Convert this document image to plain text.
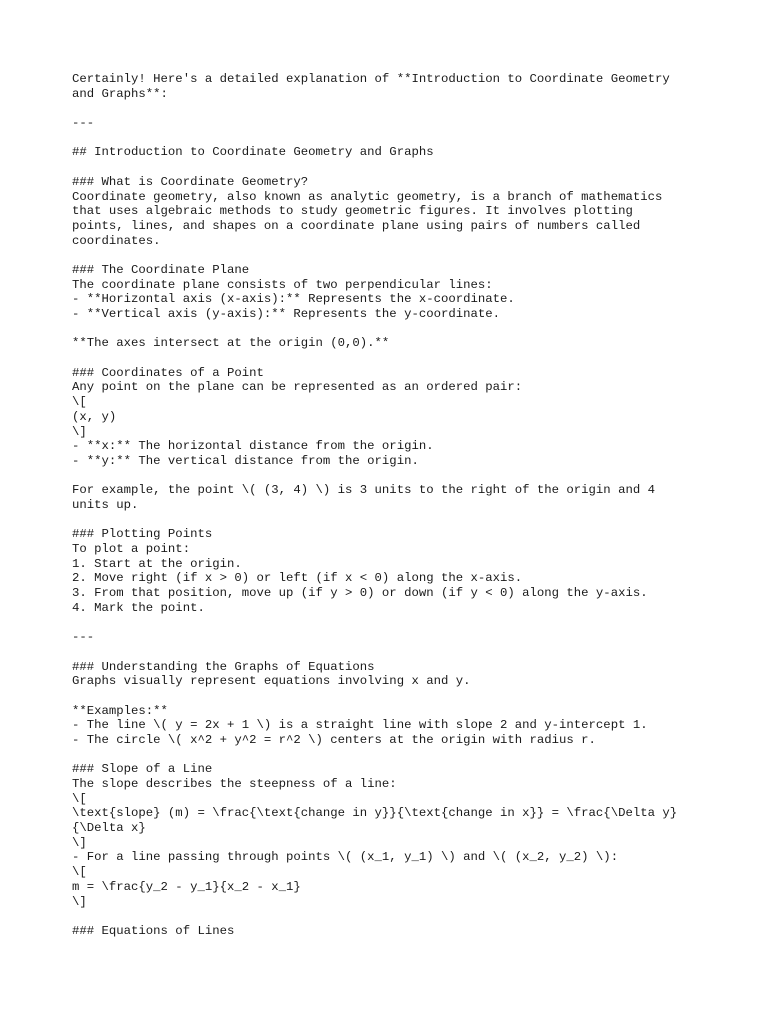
Certainly! Here's a detailed explanation of **Introduction to Coordinate Geometry
and Graphs**:
---
## Introduction to Coordinate Geometry and Graphs
### What is Coordinate Geometry?
Coordinate geometry, also known as analytic geometry, is a branch of mathematics
that uses algebraic methods to study geometric figures. It involves plotting
points, lines, and shapes on a coordinate plane using pairs of numbers called
coordinates.
### The Coordinate Plane
The coordinate plane consists of two perpendicular lines:
- **Horizontal axis (x-axis):** Represents the x-coordinate.
- **Vertical axis (y-axis):** Represents the y-coordinate.
**The axes intersect at the origin (0,0).**
### Coordinates of a Point
Any point on the plane can be represented as an ordered pair:
\[
(x, y)
\]
- **x:** The horizontal distance from the origin.
- **y:** The vertical distance from the origin.
For example, the point \( (3, 4) \) is 3 units to the right of the origin and 4
units up.
### Plotting Points
To plot a point:
1. Start at the origin.
2. Move right (if x > 0) or left (if x < 0) along the x-axis.
3. From that position, move up (if y > 0) or down (if y < 0) along the y-axis.
4. Mark the point.
---
### Understanding the Graphs of Equations
Graphs visually represent equations involving x and y.
**Examples:**
- The line \( y = 2x + 1 \) is a straight line with slope 2 and y-intercept 1.
- The circle \( x^2 + y^2 = r^2 \) centers at the origin with radius r.
### Slope of a Line
The slope describes the steepness of a line:
\[
\text{slope} (m) = \frac{\text{change in y}}{\text{change in x}} = \frac{\Delta y}
{\Delta x}
\]
- For a line passing through points \( (x_1, y_1) \) and \( (x_2, y_2) \):
\[
m = \frac{y_2 - y_1}{x_2 - x_1}
\]
### Equations of Lines
